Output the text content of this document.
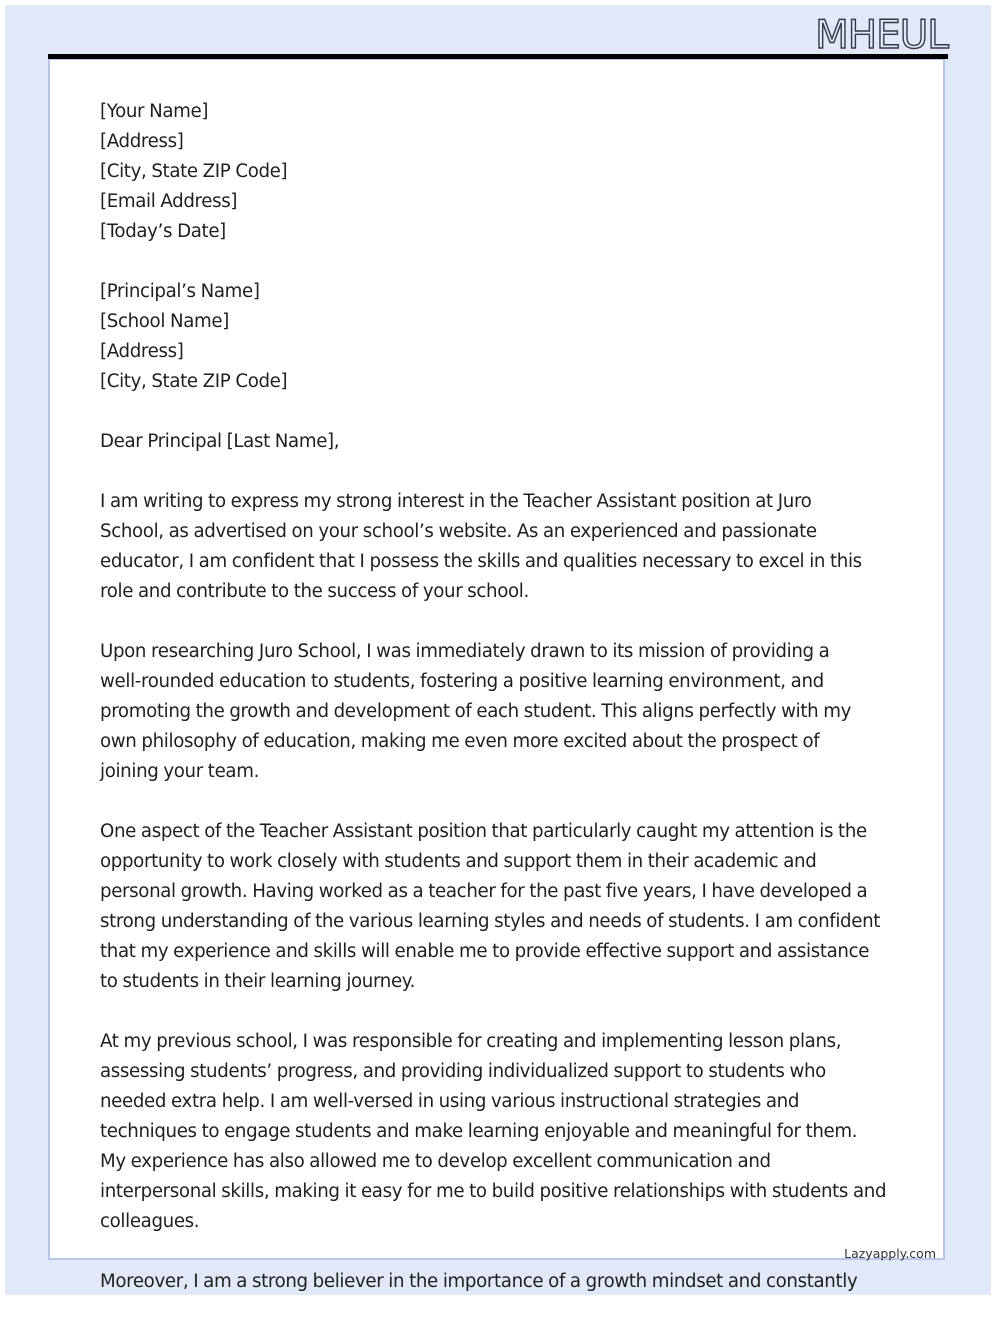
MHEUL
[Your Name]
[Address]
[City, State ZIP Code]
[Email Address]
[Today’s Date]
[Principal’s Name]
[School Name]
[Address]
[City, State ZIP Code]
Dear Principal [Last Name],
I am writing to express my strong interest in the Teacher Assistant position at Juro
School, as advertised on your school’s website. As an experienced and passionate
educator, I am confident that I possess the skills and qualities necessary to excel in this
role and contribute to the success of your school.
Upon researching Juro School, I was immediately drawn to its mission of providing a
well-rounded education to students, fostering a positive learning environment, and
promoting the growth and development of each student. This aligns perfectly with my
own philosophy of education, making me even more excited about the prospect of
joining your team.
One aspect of the Teacher Assistant position that particularly caught my attention is the
opportunity to work closely with students and support them in their academic and
personal growth. Having worked as a teacher for the past five years, I have developed a
strong understanding of the various learning styles and needs of students. I am confident
that my experience and skills will enable me to provide effective support and assistance
to students in their learning journey.
At my previous school, I was responsible for creating and implementing lesson plans,
assessing students’ progress, and providing individualized support to students who
needed extra help. I am well-versed in using various instructional strategies and
techniques to engage students and make learning enjoyable and meaningful for them.
My experience has also allowed me to develop excellent communication and
interpersonal skills, making it easy for me to build positive relationships with students and
colleagues.
Moreover, I am a strong believer in the importance of a growth mindset and constantly
Lazyapply.com
